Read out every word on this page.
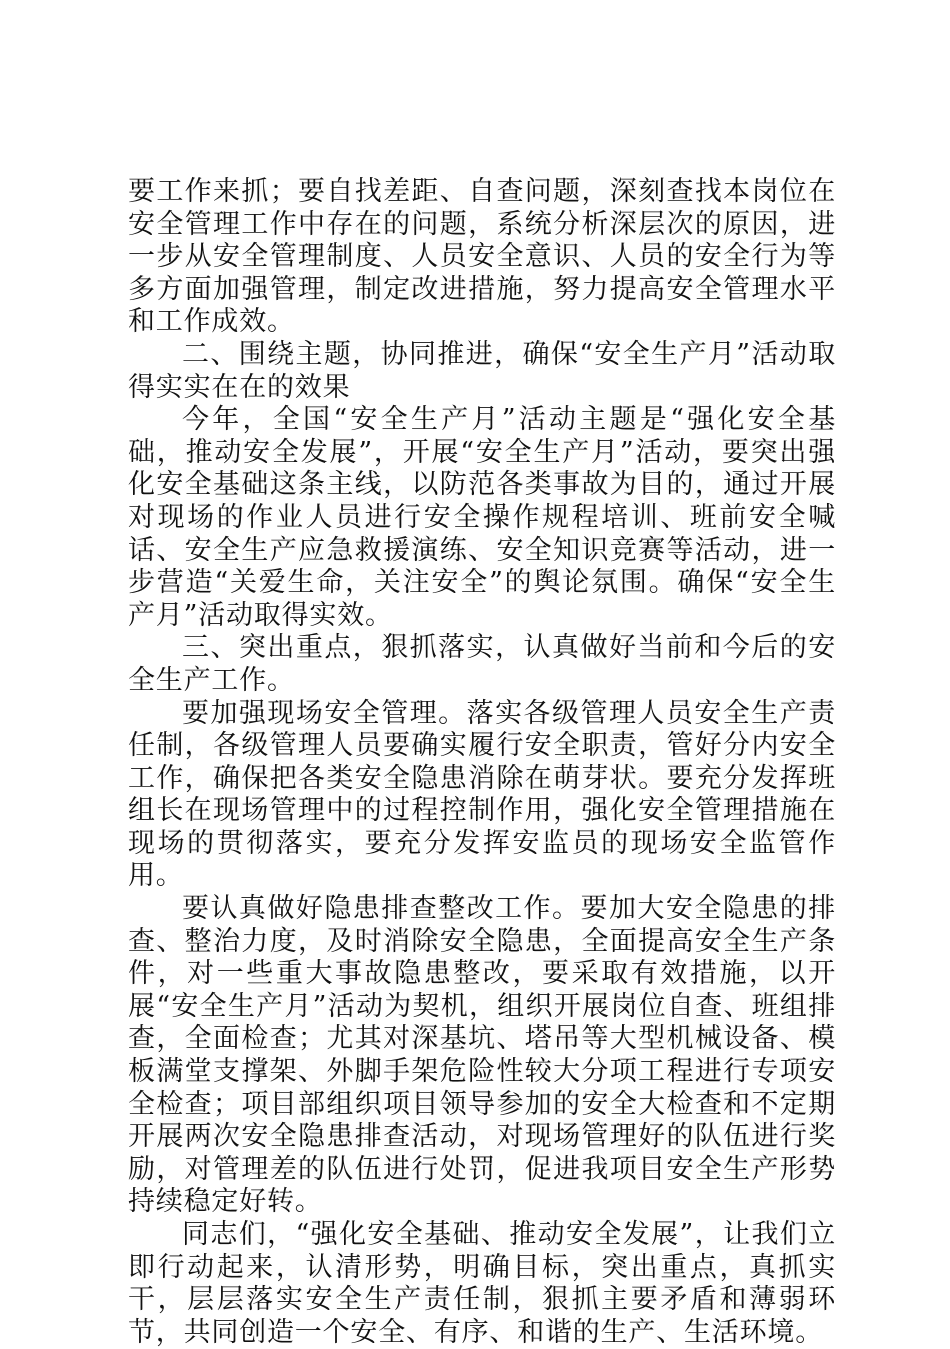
要工作来抓；要自找差距、自查问题，深刻查找本岗位在安全管理工作中存在的问题，系统分析深层次的原因，进一步从安全管理制度、人员安全意识、人员的安全行为等多方面加强管理，制定改进措施，努力提高安全管理水平和工作成效。

二、围绕主题，协同推进，确保“安全生产月”活动取得实实在在的效果

今年，全国“安全生产月”活动主题是“强化安全基础，推动安全发展”，开展“安全生产月”活动，要突出强化安全基础这条主线，以防范各类事故为目的，通过开展对现场的作业人员进行安全操作规程培训、班前安全喊话、安全生产应急救援演练、安全知识竞赛等活动，进一步营造“关爱生命，关注安全”的舆论氛围。确保“安全生产月”活动取得实效。

三、突出重点，狠抓落实，认真做好当前和今后的安全生产工作。

要加强现场安全管理。落实各级管理人员安全生产责任制，各级管理人员要确实履行安全职责，管好分内安全工作，确保把各类安全隐患消除在萌芽状。要充分发挥班组长在现场管理中的过程控制作用，强化安全管理措施在现场的贯彻落实，要充分发挥安监员的现场安全监管作用。

要认真做好隐患排查整改工作。要加大安全隐患的排查、整治力度，及时消除安全隐患，全面提高安全生产条件，对一些重大事故隐患整改，要采取有效措施，以开展“安全生产月”活动为契机，组织开展岗位自查、班组排查，全面检查；尤其对深基坑、塔吊等大型机械设备、模板满堂支撑架、外脚手架危险性较大分项工程进行专项安全检查；项目部组织项目领导参加的安全大检查和不定期开展两次安全隐患排查活动，对现场管理好的队伍进行奖励，对管理差的队伍进行处罚，促进我项目安全生产形势持续稳定好转。

同志们，“强化安全基础、推动安全发展”，让我们立即行动起来，认清形势，明确目标，突出重点，真抓实干，层层落实安全生产责任制，狠抓主要矛盾和薄弱环节，共同创造一个安全、有序、和谐的生产、生活环境。
